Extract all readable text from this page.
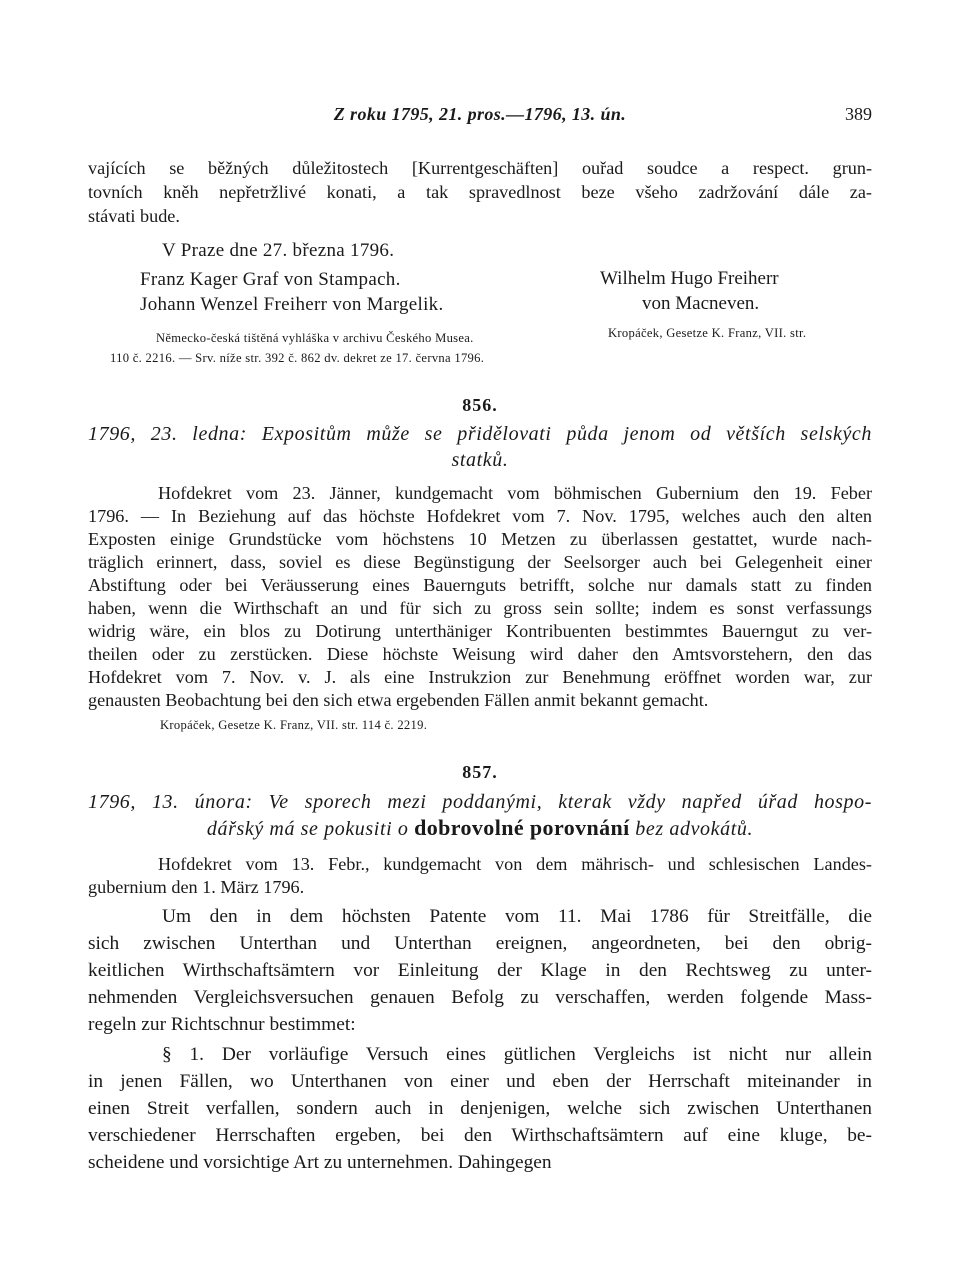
Z roku 1795, 21. pros.—1796, 13. ún.	389
vajících se běžných důležitostech [Kurrentgeschäften] ouřad soudce a respect. grun-
tovních kněh nepřetržlivé konati, a tak spravedlnost beze všeho zadržování dále za-
stávati bude.
V Praze dne 27. března 1796.
Franz Kager Graf von Stampach.
Johann Wenzel Freiherr von Margelik.
Wilhelm Hugo Freiherr
von Macneven.
Německo-česká tištěná vyhláška v archivu Českého Musea.	Kropáček, Gesetze K. Franz, VII. str.
110 č. 2216. — Srv. níže str. 392 č. 862 dv. dekret ze 17. června 1796.
856.
1796, 23. ledna: Expositům může se přidělovati půda jenom od větších selských
statků.
Hofdekret vom 23. Jänner, kundgemacht vom böhmischen Gubernium den 19. Feber
1796. — In Beziehung auf das höchste Hofdekret vom 7. Nov. 1795, welches auch den alten
Exposten einige Grundstücke vom höchstens 10 Metzen zu überlassen gestattet, wurde nach-
träglich erinnert, dass, soviel es diese Begünstigung der Seelsorger auch bei Gelegenheit einer
Abstiftung oder bei Veräusserung eines Bauernguts betrifft, solche nur damals statt zu finden
haben, wenn die Wirthschaft an und für sich zu gross sein sollte; indem es sonst verfassungs
widrig wäre, ein blos zu Dotirung unterthäniger Kontribuenten bestimmtes Bauerngut zu ver-
theilen oder zu zerstücken. Diese höchste Weisung wird daher den Amtsvorstehern, den das
Hofdekret vom 7. Nov. v. J. als eine Instrukzion zur Benehmung eröffnet worden war, zur
genausten Beobachtung bei den sich etwa ergebenden Fällen anmit bekannt gemacht.
Kropáček, Gesetze K. Franz, VII. str. 114 č. 2219.
857.
1796, 13. února: Ve sporech mezi poddanými, kterak vždy napřed úřad hospo-
dářský má se pokusiti o dobrovolné porovnání bez advokátů.
Hofdekret vom 13. Febr., kundgemacht von dem mährisch- und schlesischen Landes-
gubernium den 1. März 1796.
Um den in dem höchsten Patente vom 11. Mai 1786 für Streitfälle, die
sich zwischen Unterthan und Unterthan ereignen, angeordneten, bei den obrig-
keitlichen Wirthschaftsämtern vor Einleitung der Klage in den Rechtsweg zu unter-
nehmenden Vergleichsversuchen genauen Befolg zu verschaffen, werden folgende Mass-
regeln zur Richtschnur bestimmet:
§ 1. Der vorläufige Versuch eines gütlichen Vergleichs ist nicht nur allein
in jenen Fällen, wo Unterthanen von einer und eben der Herrschaft miteinander in
einen Streit verfallen, sondern auch in denjenigen, welche sich zwischen Unterthanen
verschiedener Herrschaften ergeben, bei den Wirthschaftsämtern auf eine kluge, be-
scheidene und vorsichtige Art zu unternehmen. Dahingegen
